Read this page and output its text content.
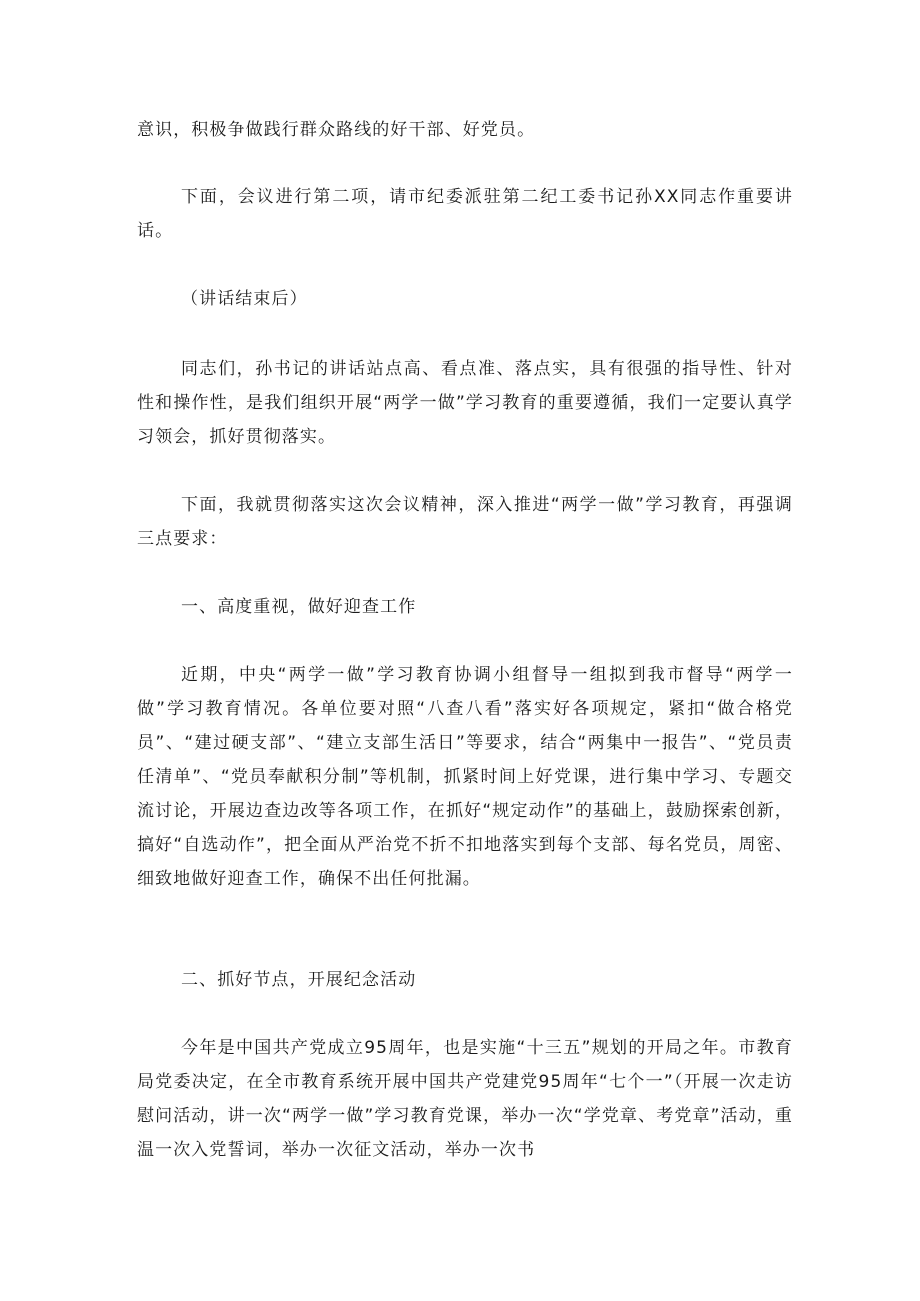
意识，积极争做践行群众路线的好干部、好党员。

下面，会议进行第二项，请市纪委派驻第二纪工委书记孙XX同志作重要讲话。

（讲话结束后）

同志们，孙书记的讲话站点高、看点准、落点实，具有很强的指导性、针对性和操作性，是我们组织开展“两学一做”学习教育的重要遵循，我们一定要认真学习领会，抓好贯彻落实。

下面，我就贯彻落实这次会议精神，深入推进“两学一做”学习教育，再强调三点要求：

一、高度重视，做好迎查工作

近期，中央“两学一做”学习教育协调小组督导一组拟到我市督导“两学一做”学习教育情况。各单位要对照“八查八看”落实好各项规定，紧扣“做合格党员”、“建过硬支部”、“建立支部生活日”等要求，结合“两集中一报告”、“党员责任清单”、“党员奉献积分制”等机制，抓紧时间上好党课，进行集中学习、专题交流讨论，开展边查边改等各项工作，在抓好“规定动作”的基础上，鼓励探索创新，搞好“自选动作”，把全面从严治党不折不扣地落实到每个支部、每名党员，周密、细致地做好迎查工作，确保不出任何批漏。

二、抓好节点，开展纪念活动

今年是中国共产党成立95周年，也是实施“十三五”规划的开局之年。市教育局党委决定，在全市教育系统开展中国共产党建党95周年“七个一”（开展一次走访慰问活动，讲一次“两学一做”学习教育党课，举办一次“学党章、考党章”活动，重温一次入党誓词，举办一次征文活动，举办一次书
